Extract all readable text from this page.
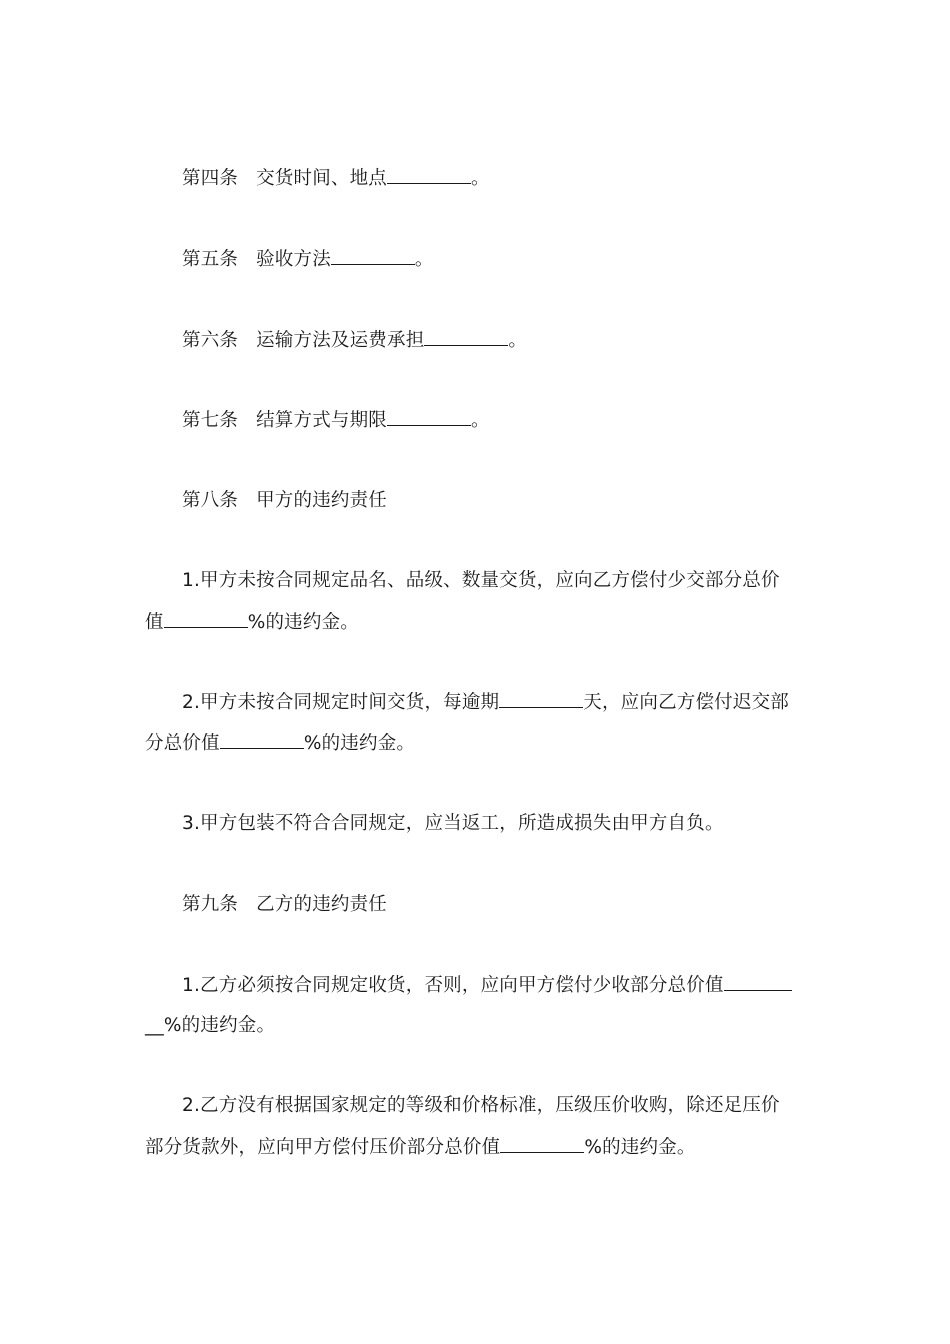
第四条 交货时间、地点	。
第五条 验收方法	。
第六条 运输方法及运费承担	。
第七条 结算方式与期限	。
第八条 甲方的违约责任
1.甲方未按合同规定品名、品级、数量交货，应向乙方偿付少交部分总价
值	%的违约金。
2.甲方未按合同规定时间交货，每逾期	天，应向乙方偿付迟交部
分总价值	%的违约金。
3.甲方包装不符合合同规定，应当返工，所造成损失由甲方自负。
第九条 乙方的违约责任
1.乙方必须按合同规定收货，否则，应向甲方偿付少收部分总价值
__%的违约金。
2.乙方没有根据国家规定的等级和价格标准，压级压价收购，除还足压价
部分货款外，应向甲方偿付压价部分总价值	%的违约金。
